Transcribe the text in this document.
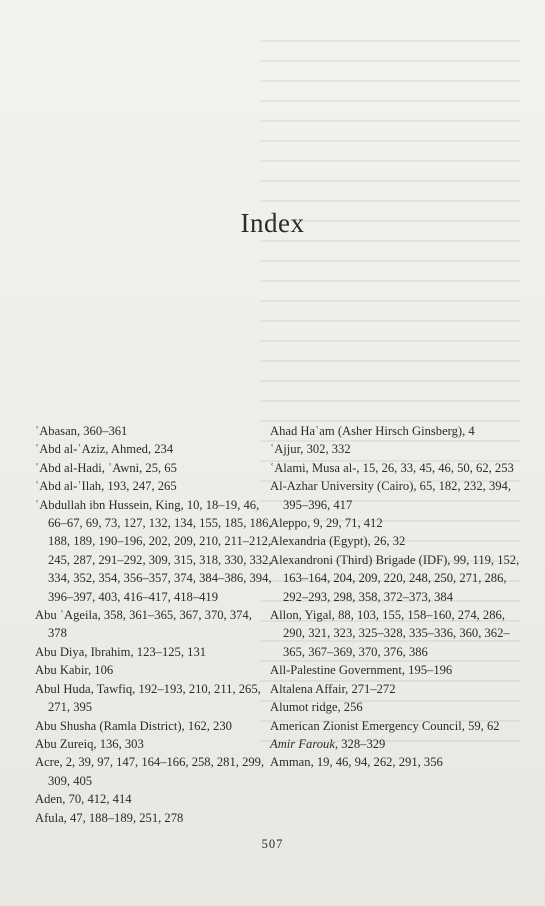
Index

ʿAbasan, 360–361

ʿAbd al-ʿAziz, Ahmed, 234

ʿAbd al-Hadi, ʿAwni, 25, 65

ʿAbd al-ʿIlah, 193, 247, 265

ʿAbdullah ibn Hussein, King, 10, 18–19, 46, 66–67, 69, 73, 127, 132, 134, 155, 185, 186, 188, 189, 190–196, 202, 209, 210, 211–212, 245, 287, 291–292, 309, 315, 318, 330, 332, 334, 352, 354, 356–357, 374, 384–386, 394, 396–397, 403, 416–417, 418–419

Abu ʿAgeila, 358, 361–365, 367, 370, 374, 378

Abu Diya, Ibrahim, 123–125, 131

Abu Kabir, 106

Abul Huda, Tawfiq, 192–193, 210, 211, 265, 271, 395

Abu Shusha (Ramla District), 162, 230

Abu Zureiq, 136, 303

Acre, 2, 39, 97, 147, 164–166, 258, 281, 299, 309, 405

Aden, 70, 412, 414

Afula, 47, 188–189, 251, 278

Ahad Haʿam (Asher Hirsch Ginsberg), 4

ʿAjjur, 302, 332

ʿAlami, Musa al-, 15, 26, 33, 45, 46, 50, 62, 253

Al-Azhar University (Cairo), 65, 182, 232, 394, 395–396, 417

Aleppo, 9, 29, 71, 412

Alexandria (Egypt), 26, 32

Alexandroni (Third) Brigade (IDF), 99, 119, 152, 163–164, 204, 209, 220, 248, 250, 271, 286, 292–293, 298, 358, 372–373, 384

Allon, Yigal, 88, 103, 155, 158–160, 274, 286, 290, 321, 323, 325–328, 335–336, 360, 362–365, 367–369, 370, 376, 386

All-Palestine Government, 195–196

Altalena Affair, 271–272

Alumot ridge, 256

American Zionist Emergency Council, 59, 62

Amir Farouk, 328–329

Amman, 19, 46, 94, 262, 291, 356

507
